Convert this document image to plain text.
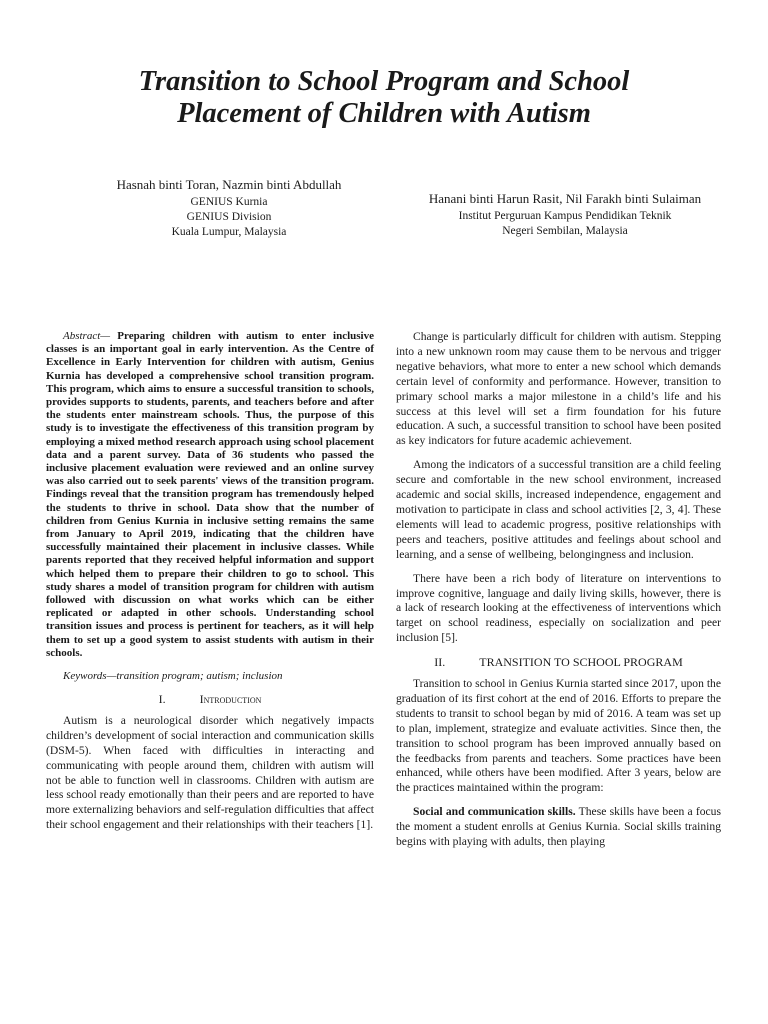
Transition to School Program and School
Placement of Children with Autism
Hasnah binti Toran, Nazmin binti Abdullah
GENIUS Kurnia
GENIUS Division
Kuala Lumpur, Malaysia
Hanani binti Harun Rasit, Nil Farakh binti Sulaiman
Institut Perguruan Kampus Pendidikan Teknik
Negeri Sembilan, Malaysia

Abstract— Preparing children with autism to enter inclusive classes is an important goal in early intervention. As the Centre of Excellence in Early Intervention for children with autism, Genius Kurnia has developed a comprehensive school transition program. This program, which aims to ensure a successful transition to schools, provides supports to students, parents, and teachers before and after the students enter mainstream schools. Thus, the purpose of this study is to investigate the effectiveness of this transition program by employing a mixed method research approach using school placement data and a parent survey. Data of 36 students who passed the inclusive placement evaluation were reviewed and an online survey was also carried out to seek parents' views of the transition program. Findings reveal that the transition program has tremendously helped the students to thrive in school. Data show that the number of children from Genius Kurnia in inclusive setting remains the same from January to April 2019, indicating that the children have successfully maintained their placement in inclusive classes. While parents reported that they received helpful information and support which helped them to prepare their children to go to school. This study shares a model of transition program for children with autism followed with discussion on what works which can be either replicated or adapted in other schools. Understanding school transition issues and process is pertinent for teachers, as it will help them to set up a good system to assist students with autism in their schools.

Keywords—transition program; autism; inclusion

I.	Introduction

Autism is a neurological disorder which negatively impacts children’s development of social interaction and communication skills (DSM-5). When faced with difficulties in interacting and communicating with people around them, children with autism will not be able to function well in classrooms. Children with autism are less school ready emotionally than their peers and are reported to have more externalizing behaviors and self-regulation difficulties that affect their school engagement and their relationships with their teachers [1].

Change is particularly difficult for children with autism. Stepping into a new unknown room may cause them to be nervous and trigger negative behaviors, what more to enter a new school which demands certain level of conformity and performance. However, transition to primary school marks a major milestone in a child’s life and his success at this level will set a firm foundation for his future education. A such, a successful transition to school have been posited as key indicators for future academic achievement.

Among the indicators of a successful transition are a child feeling secure and comfortable in the new school environment, increased academic and social skills, increased independence, engagement and motivation to participate in class and school activities [2, 3, 4]. These elements will lead to academic progress, positive relationships with peers and teachers, positive attitudes and feelings about school and learning, and a sense of wellbeing, belongingness and inclusion.

There have been a rich body of literature on interventions to improve cognitive, language and daily living skills, however, there is a lack of research looking at the effectiveness of interventions which target on school readiness, especially on socialization and peer inclusion [5].

II.	TRANSITION TO SCHOOL PROGRAM

Transition to school in Genius Kurnia started since 2017, upon the graduation of its first cohort at the end of 2016. Efforts to prepare the students to transit to school began by mid of 2016. A team was set up to plan, implement, strategize and evaluate activities. Since then, the transition to school program has been improved annually based on the feedbacks from parents and teachers. Some practices have been enhanced, while others have been modified. After 3 years, below are the practices maintained within the program:

Social and communication skills. These skills have been a focus the moment a student enrolls at Genius Kurnia. Social skills training begins with playing with adults, then playing
